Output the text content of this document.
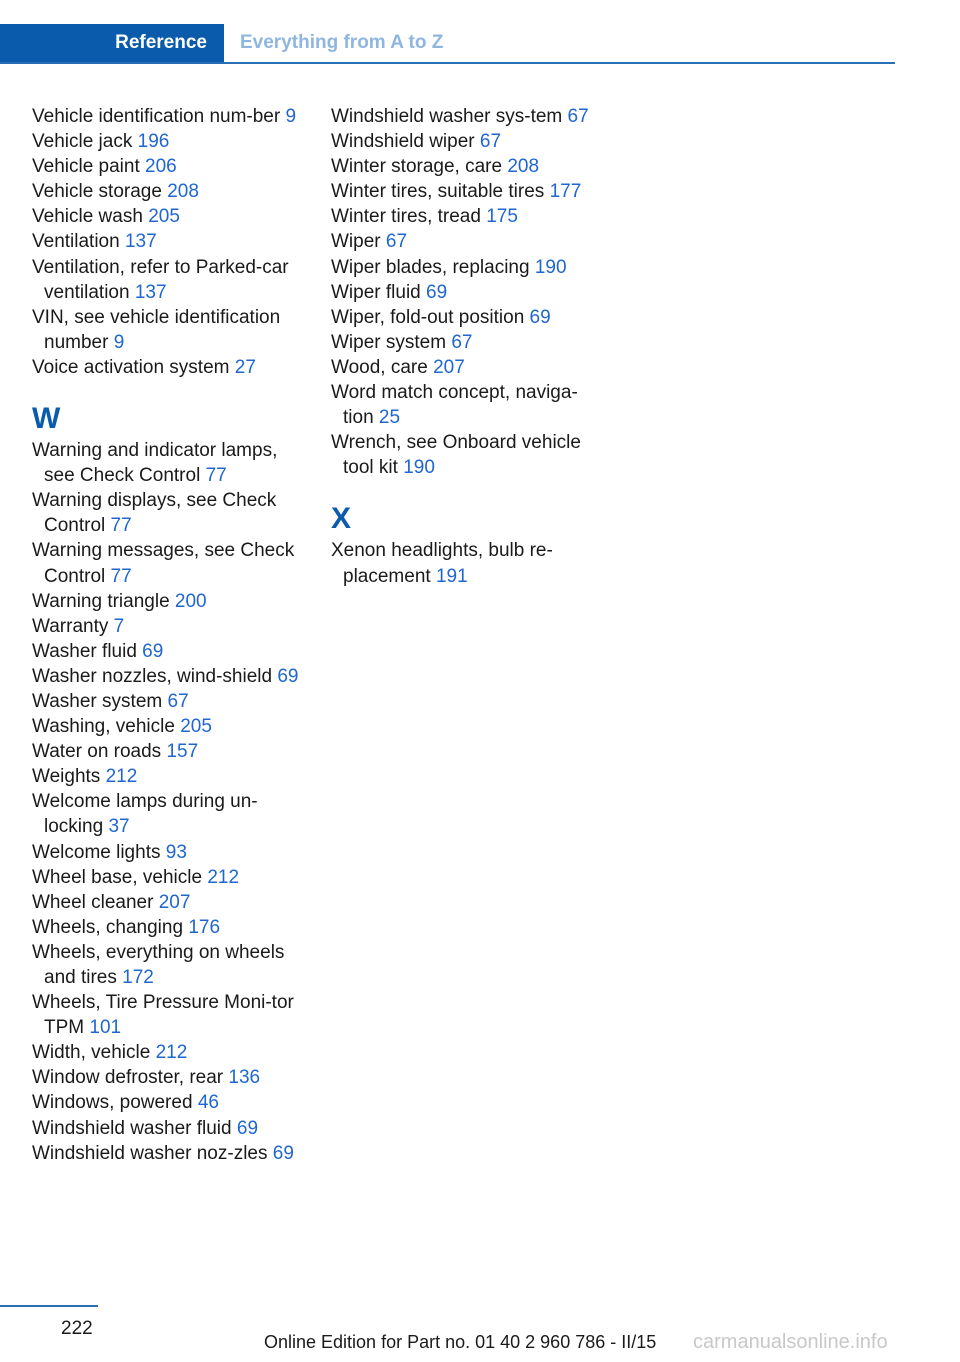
Reference	Everything from A to Z
Vehicle identification num‐ber 9
Vehicle jack 196
Vehicle paint 206
Vehicle storage 208
Vehicle wash 205
Ventilation 137
Ventilation, refer to Parked-car ventilation 137
VIN, see vehicle identification number 9
Voice activation system 27
W
Warning and indicator lamps, see Check Control 77
Warning displays, see Check Control 77
Warning messages, see Check Control 77
Warning triangle 200
Warranty 7
Washer fluid 69
Washer nozzles, wind‐shield 69
Washer system 67
Washing, vehicle 205
Water on roads 157
Weights 212
Welcome lamps during un‐locking 37
Welcome lights 93
Wheel base, vehicle 212
Wheel cleaner 207
Wheels, changing 176
Wheels, everything on wheels and tires 172
Wheels, Tire Pressure Moni‐tor TPM 101
Width, vehicle 212
Window defroster, rear 136
Windows, powered 46
Windshield washer fluid 69
Windshield washer noz‐zles 69
Windshield washer sys‐tem 67
Windshield wiper 67
Winter storage, care 208
Winter tires, suitable tires 177
Winter tires, tread 175
Wiper 67
Wiper blades, replacing 190
Wiper fluid 69
Wiper, fold-out position 69
Wiper system 67
Wood, care 207
Word match concept, naviga‐tion 25
Wrench, see Onboard vehicle tool kit 190
X
Xenon headlights, bulb re‐placement 191
222
Online Edition for Part no. 01 40 2 960 786 - II/15 carmanualsonline.info
